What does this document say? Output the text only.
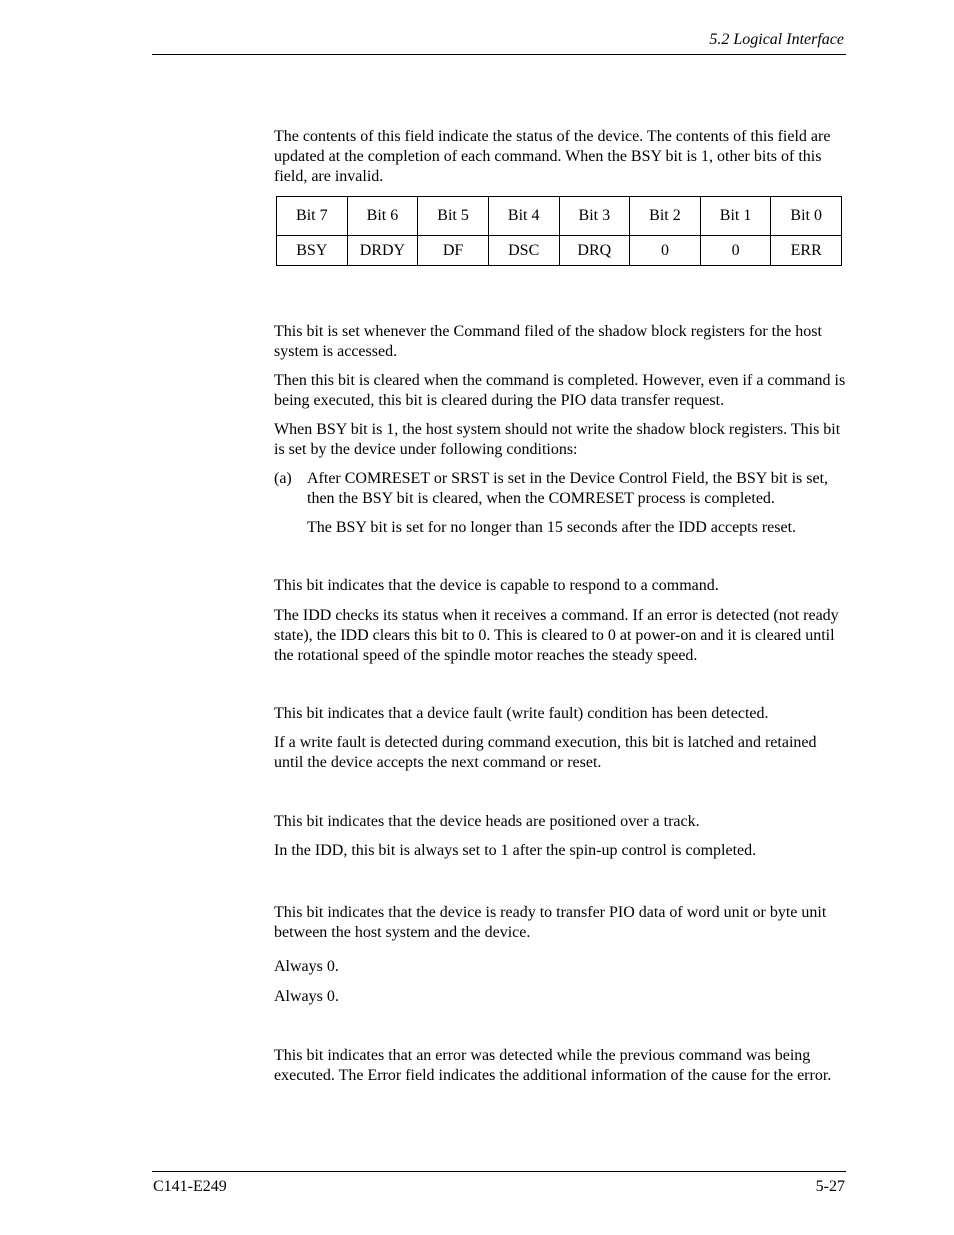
5.2 Logical Interface

The contents of this field indicate the status of the device. The contents of this field are updated at the completion of each command. When the BSY bit is 1, other bits of this field, are invalid.

Bit 7	Bit 6	Bit 5	Bit 4	Bit 3	Bit 2	Bit 1	Bit 0
BSY	DRDY	DF	DSC	DRQ	0	0	ERR
This bit is set whenever the Command filed of the shadow block registers for the host system is accessed.
Then this bit is cleared when the command is completed. However, even if a command is being executed, this bit is cleared during the PIO data transfer request.
When BSY bit is 1, the host system should not write the shadow block registers. This bit is set by the device under following conditions:
(a) After COMRESET or SRST is set in the Device Control Field, the BSY bit is set, then the BSY bit is cleared, when the COMRESET process is completed.
The BSY bit is set for no longer than 15 seconds after the IDD accepts reset.
This bit indicates that the device is capable to respond to a command.
The IDD checks its status when it receives a command. If an error is detected (not ready state), the IDD clears this bit to 0. This is cleared to 0 at power-on and it is cleared until the rotational speed of the spindle motor reaches the steady speed.
This bit indicates that a device fault (write fault) condition has been detected.
If a write fault is detected during command execution, this bit is latched and retained until the device accepts the next command or reset.
This bit indicates that the device heads are positioned over a track.
In the IDD, this bit is always set to 1 after the spin-up control is completed.
This bit indicates that the device is ready to transfer PIO data of word unit or byte unit between the host system and the device.
Always 0.
Always 0.
This bit indicates that an error was detected while the previous command was being executed. The Error field indicates the additional information of the cause for the error.
C141-E249	5-27
